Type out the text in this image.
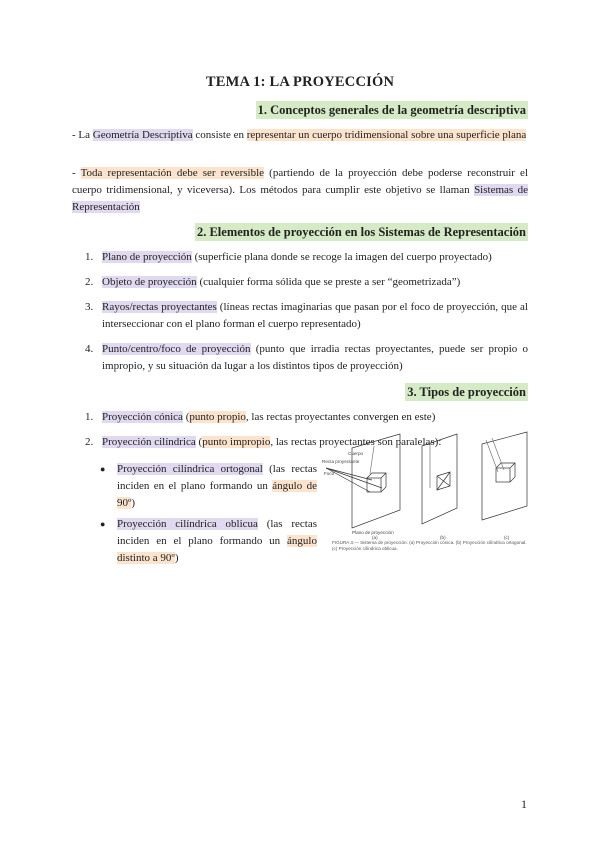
TEMA 1: LA PROYECCIÓN
1. Conceptos generales de la geometría descriptiva
- La Geometría Descriptiva consiste en representar un cuerpo tridimensional sobre una superficie plana
- Toda representación debe ser reversible (partiendo de la proyección debe poderse reconstruir el cuerpo tridimensional, y viceversa). Los métodos para cumplir este objetivo se llaman Sistemas de Representación
2. Elementos de proyección en los Sistemas de Representación
1. Plano de proyección (superficie plana donde se recoge la imagen del cuerpo proyectado)
2. Objeto de proyección (cualquier forma sólida que se preste a ser “geometrizada”)
3. Rayos/rectas proyectantes (líneas rectas imaginarias que pasan por el foco de proyección, que al interseccionar con el plano forman el cuerpo representado)
4. Punto/centro/foco de proyección (punto que irradia rectas proyectantes, puede ser propio o impropio, y su situación da lugar a los distintos tipos de proyección)
3. Tipos de proyección
1. Proyección cónica (punto propio, las rectas proyectantes convergen en este)
2. Proyección cilíndrica (punto impropio, las rectas proyectantes son paralelas):
● Proyección cilíndrica ortogonal (las rectas inciden en el plano formando un ángulo de 90º)
● Proyección cilíndrica oblicua (las rectas inciden en el plano formando un ángulo distinto a 90º)
Cuerpo
Recta proyectante
Foco
Plano de proyección
(a)	(b)	(c)
FIGURA 3.— Sistema de proyección: (a) Proyección cónica. (b) Proyección cilíndrica ortogonal. (c) Proyección cilíndrica oblicua.
1
